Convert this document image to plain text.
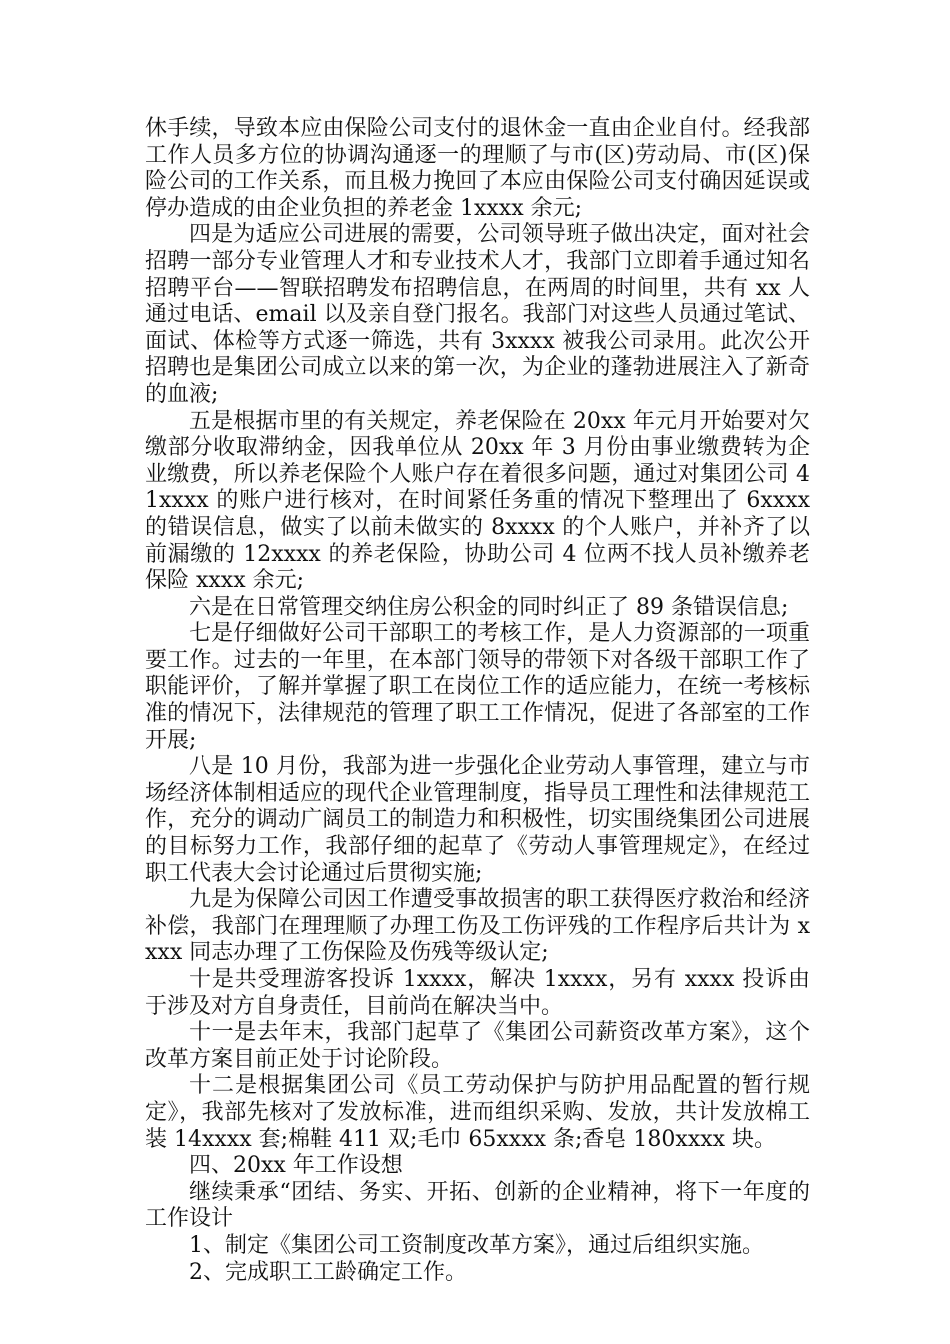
休手续，导致本应由保险公司支付的退休金一直由企业自付。经我部工作人员多方位的协调沟通逐一的理顺了与市(区)劳动局、市(区)保险公司的工作关系，而且极力挽回了本应由保险公司支付确因延误或停办造成的由企业负担的养老金 1xxxx 余元;

四是为适应公司进展的需要，公司领导班子做出决定，面对社会招聘一部分专业管理人才和专业技术人才，我部门立即着手通过知名招聘平台——智联招聘发布招聘信息，在两周的时间里，共有 xx 人通过电话、email 以及亲自登门报名。我部门对这些人员通过笔试、面试、体检等方式逐一筛选，共有 3xxxx 被我公司录用。此次公开招聘也是集团公司成立以来的第一次，为企业的蓬勃进展注入了新奇的血液;

五是根据市里的有关规定，养老保险在 20xx 年元月开始要对欠缴部分收取滞纳金，因我单位从 20xx 年 3 月份由事业缴费转为企业缴费，所以养老保险个人账户存在着很多问题，通过对集团公司 41xxxx 的账户进行核对，在时间紧任务重的情况下整理出了 6xxxx 的错误信息，做实了以前未做实的 8xxxx 的个人账户，并补齐了以前漏缴的 12xxxx 的养老保险，协助公司 4 位两不找人员补缴养老保险 xxxx 余元;

六是在日常管理交纳住房公积金的同时纠正了 89 条错误信息;

七是仔细做好公司干部职工的考核工作，是人力资源部的一项重要工作。过去的一年里，在本部门领导的带领下对各级干部职工作了职能评价，了解并掌握了职工在岗位工作的适应能力，在统一考核标准的情况下，法律规范的管理了职工工作情况，促进了各部室的工作开展;

八是 10 月份，我部为进一步强化企业劳动人事管理，建立与市场经济体制相适应的现代企业管理制度，指导员工理性和法律规范工作，充分的调动广阔员工的制造力和积极性，切实围绕集团公司进展的目标努力工作，我部仔细的起草了《劳动人事管理规定》，在经过职工代表大会讨论通过后贯彻实施;

九是为保障公司因工作遭受事故损害的职工获得医疗救治和经济补偿，我部门在理理顺了办理工伤及工伤评残的工作程序后共计为 xxxx 同志办理了工伤保险及伤残等级认定;

十是共受理游客投诉 1xxxx，解决 1xxxx，另有 xxxx 投诉由于涉及对方自身责任，目前尚在解决当中。

十一是去年末，我部门起草了《集团公司薪资改革方案》，这个改革方案目前正处于讨论阶段。

十二是根据集团公司《员工劳动保护与防护用品配置的暂行规定》，我部先核对了发放标准，进而组织采购、发放，共计发放棉工装 14xxxx 套;棉鞋 411 双;毛巾 65xxxx 条;香皂 180xxxx 块。

四、20xx 年工作设想

继续秉承“团结、务实、开拓、创新的企业精神，将下一年度的工作设计

1、制定《集团公司工资制度改革方案》，通过后组织实施。

2、完成职工工龄确定工作。
